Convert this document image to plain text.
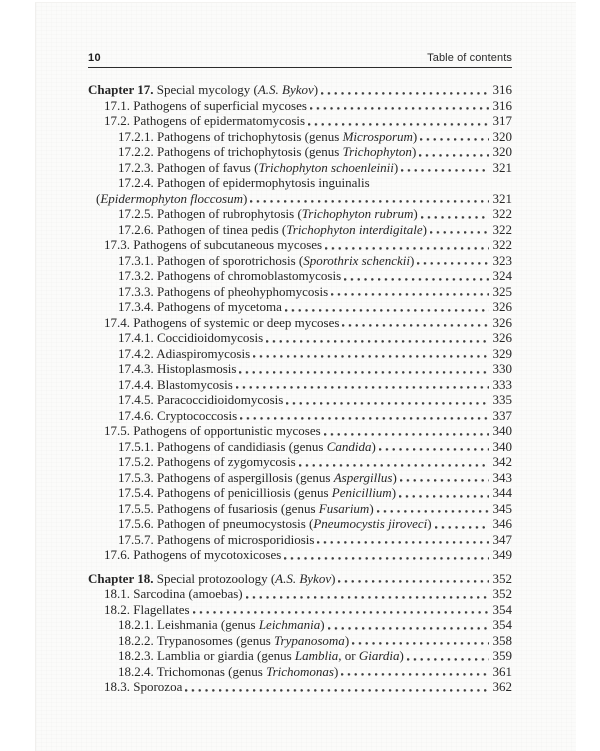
10	Table of contents
Chapter 17. Special mycology (A.S. Bykov)	316
17.1. Pathogens of superficial mycoses	316
17.2. Pathogens of epidermatomycosis	317
17.2.1. Pathogens of trichophytosis (genus Microsporum)	320
17.2.2. Pathogens of trichophytosis (genus Trichophyton)	320
17.2.3. Pathogen of favus (Trichophyton schoenleinii)	321
17.2.4. Pathogen of epidermophytosis inguinalis
(Epidermophyton floccosum)	321
17.2.5. Pathogen of rubrophytosis (Trichophyton rubrum)	322
17.2.6. Pathogen of tinea pedis (Trichophyton interdigitale)	322
17.3. Pathogens of subcutaneous mycoses	322
17.3.1. Pathogen of sporotrichosis (Sporothrix schenckii)	323
17.3.2. Pathogens of chromoblastomycosis	324
17.3.3. Pathogens of pheohyphomycosis	325
17.3.4. Pathogens of mycetoma	326
17.4. Pathogens of systemic or deep mycoses	326
17.4.1. Coccidioidomycosis	326
17.4.2. Adiaspiromycosis	329
17.4.3. Histoplasmosis	330
17.4.4. Blastomycosis	333
17.4.5. Paracoccidioidomycosis	335
17.4.6. Cryptococcosis	337
17.5. Pathogens of opportunistic mycoses	340
17.5.1. Pathogens of candidiasis (genus Candida)	340
17.5.2. Pathogens of zygomycosis	342
17.5.3. Pathogens of aspergillosis (genus Aspergillus)	343
17.5.4. Pathogens of penicilliosis (genus Penicillium)	344
17.5.5. Pathogens of fusariosis (genus Fusarium)	345
17.5.6. Pathogen of pneumocystosis (Pneumocystis jiroveci)	346
17.5.7. Pathogens of microsporidiosis	347
17.6. Pathogens of mycotoxicoses	349
Chapter 18. Special protozoology (A.S. Bykov)	352
18.1. Sarcodina (amoebas)	352
18.2. Flagellates	354
18.2.1. Leishmania (genus Leichmania)	354
18.2.2. Trypanosomes (genus Trypanosoma)	358
18.2.3. Lamblia or giardia (genus Lamblia, or Giardia)	359
18.2.4. Trichomonas (genus Trichomonas)	361
18.3. Sporozoa	362
